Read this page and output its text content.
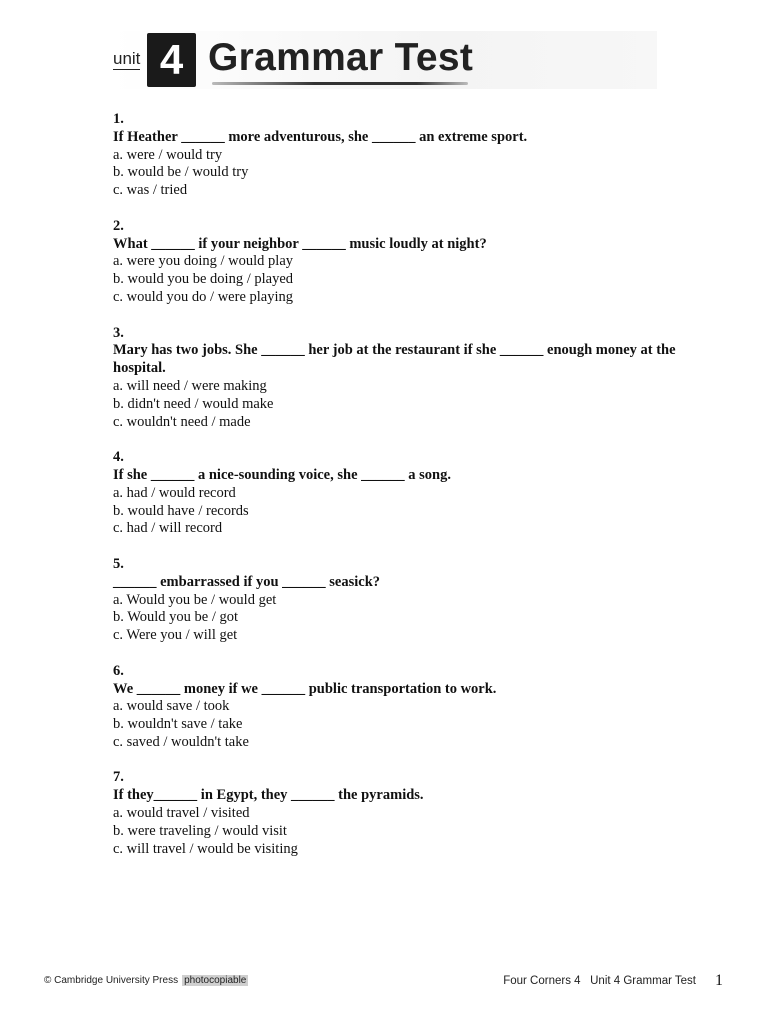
unit 4 Grammar Test
1.
If Heather ______ more adventurous, she ______ an extreme sport.
a. were / would try
b. would be / would try
c. was / tried
2.
What ______ if your neighbor ______ music loudly at night?
a. were you doing / would play
b. would you be doing / played
c. would you do / were playing
3.
Mary has two jobs. She ______ her job at the restaurant if she ______ enough money at the hospital.
a. will need / were making
b. didn't need / would make
c. wouldn't need / made
4.
If she ______ a nice-sounding voice, she ______ a song.
a. had / would record
b. would have / records
c. had / will record
5.
______ embarrassed if you ______ seasick?
a. Would you be / would get
b. Would you be / got
c. Were you / will get
6.
We ______ money if we ______ public transportation to work.
a. would save / took
b. wouldn't save / take
c. saved / wouldn't take
7.
If they______ in Egypt, they ______ the pyramids.
a. would travel / visited
b. were traveling / would visit
c. will travel / would be visiting
© Cambridge University Press photocopiable	Four Corners 4   Unit 4 Grammar Test 1
